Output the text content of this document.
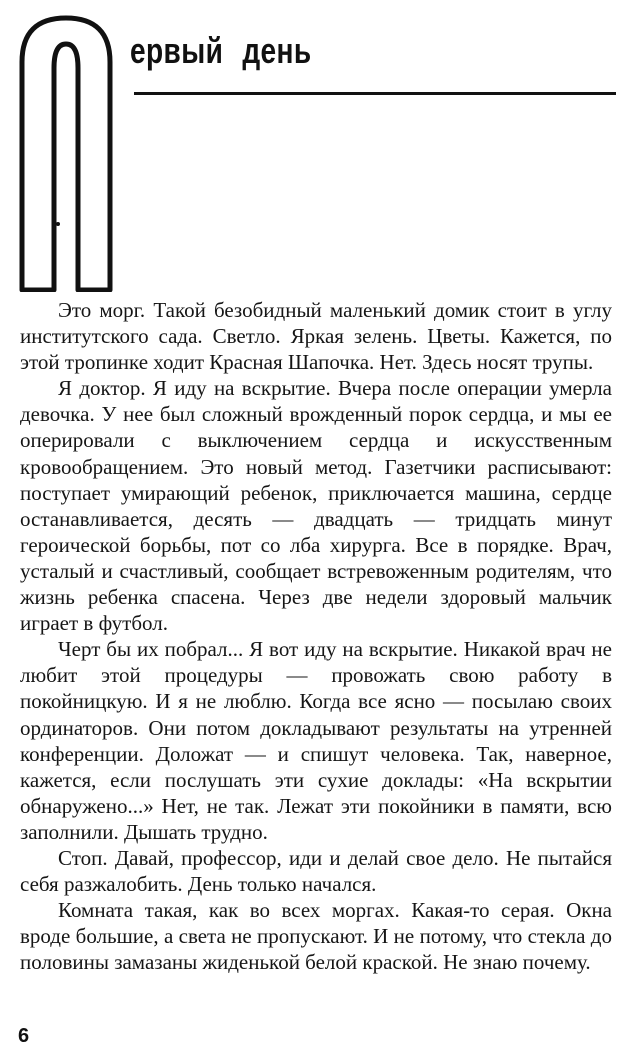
ервый день

Это морг. Такой безобидный маленький домик стоит в углу институтского сада. Светло. Яркая зелень. Цветы. Кажется, по этой тропинке ходит Красная Шапочка. Нет. Здесь носят трупы.

Я доктор. Я иду на вскрытие. Вчера после операции умерла девочка. У нее был сложный врожденный порок сердца, и мы ее оперировали с выключением сердца и искусственным кровообращением. Это новый метод. Газетчики расписывают: поступает умирающий ребенок, приключается машина, сердце останавливается, десять — двадцать — тридцать минут героической борьбы, пот со лба хирурга. Все в порядке. Врач, усталый и счастливый, сообщает встревоженным родителям, что жизнь ребенка спасена. Через две недели здоровый мальчик играет в футбол.

Черт бы их побрал... Я вот иду на вскрытие. Никакой врач не любит этой процедуры — провожать свою работу в покойницкую. И я не люблю. Когда все ясно — посылаю своих ординаторов. Они потом докладывают результаты на утренней конференции. Доложат — и спишут человека. Так, наверное, кажется, если послушать эти сухие доклады: «На вскрытии обнаружено...» Нет, не так. Лежат эти покойники в памяти, всю заполнили. Дышать трудно.

Стоп. Давай, профессор, иди и делай свое дело. Не пытайся себя разжалобить. День только начался.

Комната такая, как во всех моргах. Какая-то серая. Окна вроде большие, а света не пропускают. И не потому, что стекла до половины замазаны жиденькой белой краской. Не знаю почему.

6
